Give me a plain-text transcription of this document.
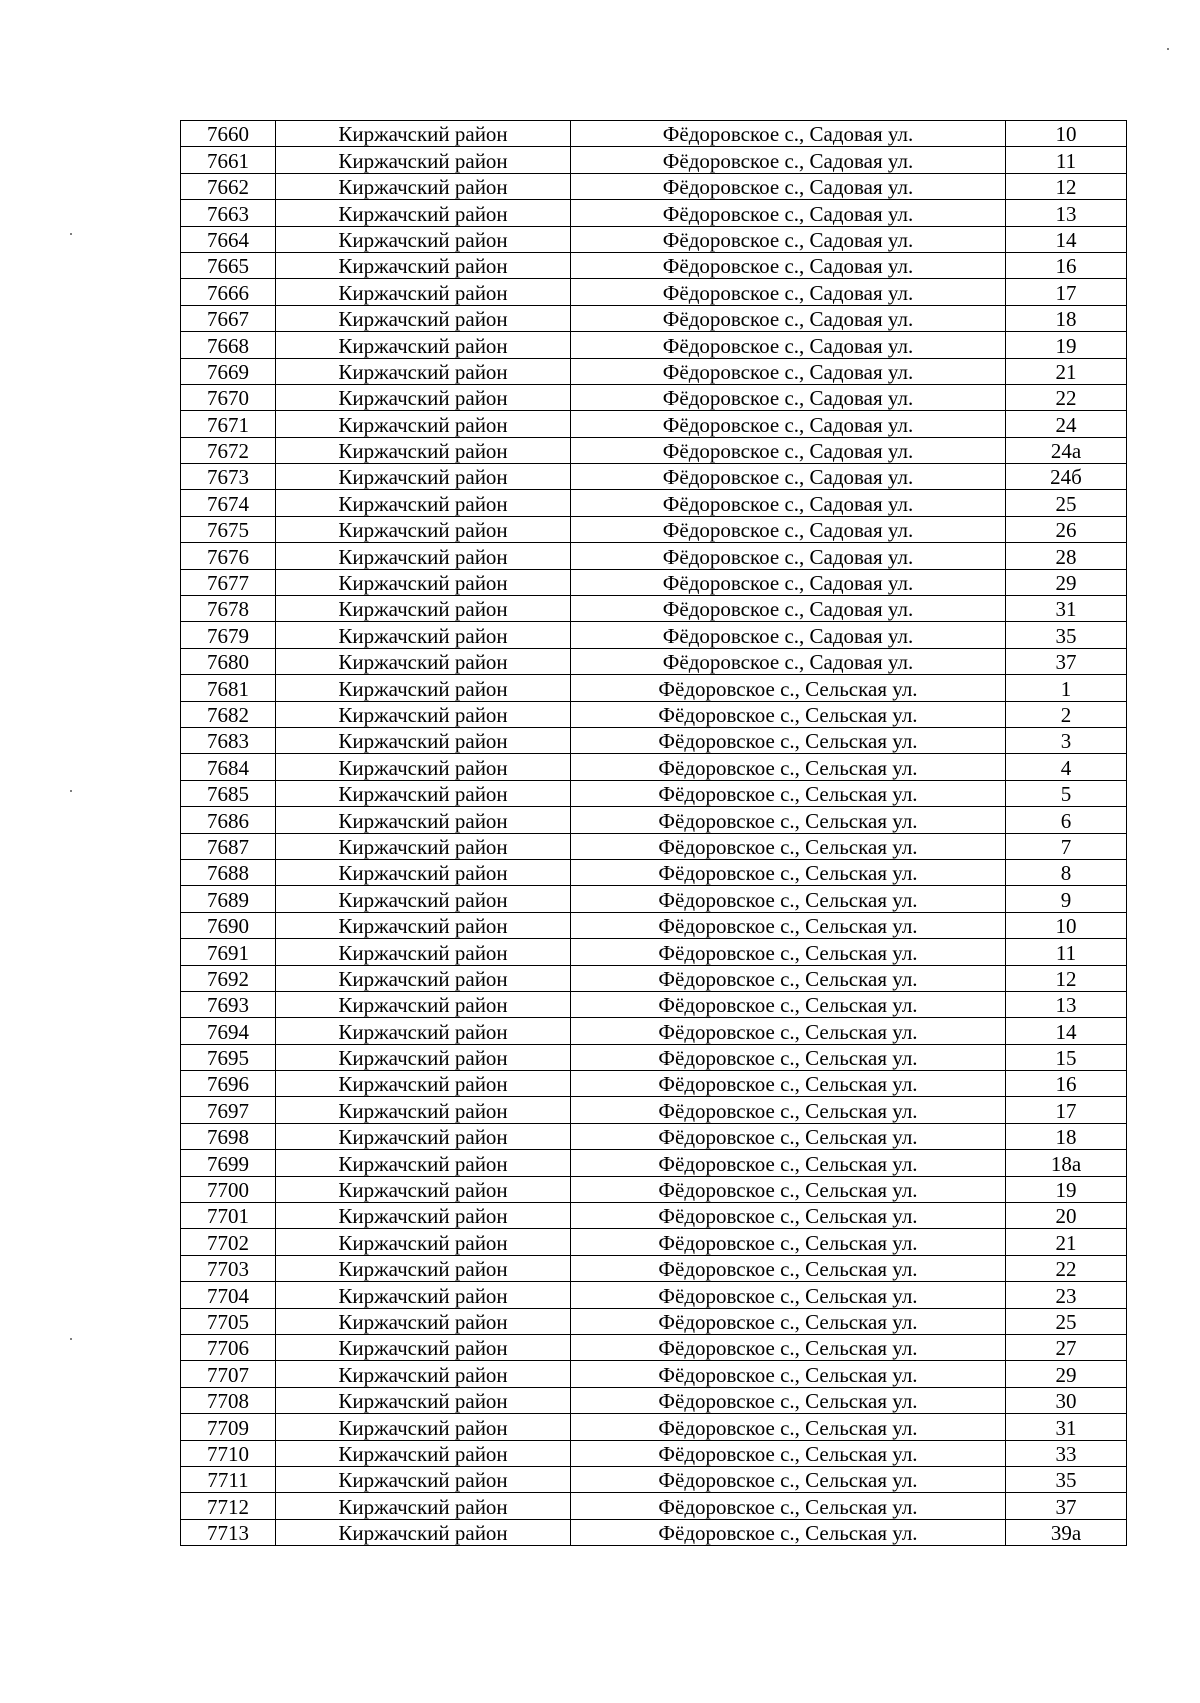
7660	Киржачский район	Фёдоровское с., Садовая ул.	10
7661	Киржачский район	Фёдоровское с., Садовая ул.	11
7662	Киржачский район	Фёдоровское с., Садовая ул.	12
7663	Киржачский район	Фёдоровское с., Садовая ул.	13
7664	Киржачский район	Фёдоровское с., Садовая ул.	14
7665	Киржачский район	Фёдоровское с., Садовая ул.	16
7666	Киржачский район	Фёдоровское с., Садовая ул.	17
7667	Киржачский район	Фёдоровское с., Садовая ул.	18
7668	Киржачский район	Фёдоровское с., Садовая ул.	19
7669	Киржачский район	Фёдоровское с., Садовая ул.	21
7670	Киржачский район	Фёдоровское с., Садовая ул.	22
7671	Киржачский район	Фёдоровское с., Садовая ул.	24
7672	Киржачский район	Фёдоровское с., Садовая ул.	24а
7673	Киржачский район	Фёдоровское с., Садовая ул.	24б
7674	Киржачский район	Фёдоровское с., Садовая ул.	25
7675	Киржачский район	Фёдоровское с., Садовая ул.	26
7676	Киржачский район	Фёдоровское с., Садовая ул.	28
7677	Киржачский район	Фёдоровское с., Садовая ул.	29
7678	Киржачский район	Фёдоровское с., Садовая ул.	31
7679	Киржачский район	Фёдоровское с., Садовая ул.	35
7680	Киржачский район	Фёдоровское с., Садовая ул.	37
7681	Киржачский район	Фёдоровское с., Сельская ул.	1
7682	Киржачский район	Фёдоровское с., Сельская ул.	2
7683	Киржачский район	Фёдоровское с., Сельская ул.	3
7684	Киржачский район	Фёдоровское с., Сельская ул.	4
7685	Киржачский район	Фёдоровское с., Сельская ул.	5
7686	Киржачский район	Фёдоровское с., Сельская ул.	6
7687	Киржачский район	Фёдоровское с., Сельская ул.	7
7688	Киржачский район	Фёдоровское с., Сельская ул.	8
7689	Киржачский район	Фёдоровское с., Сельская ул.	9
7690	Киржачский район	Фёдоровское с., Сельская ул.	10
7691	Киржачский район	Фёдоровское с., Сельская ул.	11
7692	Киржачский район	Фёдоровское с., Сельская ул.	12
7693	Киржачский район	Фёдоровское с., Сельская ул.	13
7694	Киржачский район	Фёдоровское с., Сельская ул.	14
7695	Киржачский район	Фёдоровское с., Сельская ул.	15
7696	Киржачский район	Фёдоровское с., Сельская ул.	16
7697	Киржачский район	Фёдоровское с., Сельская ул.	17
7698	Киржачский район	Фёдоровское с., Сельская ул.	18
7699	Киржачский район	Фёдоровское с., Сельская ул.	18а
7700	Киржачский район	Фёдоровское с., Сельская ул.	19
7701	Киржачский район	Фёдоровское с., Сельская ул.	20
7702	Киржачский район	Фёдоровское с., Сельская ул.	21
7703	Киржачский район	Фёдоровское с., Сельская ул.	22
7704	Киржачский район	Фёдоровское с., Сельская ул.	23
7705	Киржачский район	Фёдоровское с., Сельская ул.	25
7706	Киржачский район	Фёдоровское с., Сельская ул.	27
7707	Киржачский район	Фёдоровское с., Сельская ул.	29
7708	Киржачский район	Фёдоровское с., Сельская ул.	30
7709	Киржачский район	Фёдоровское с., Сельская ул.	31
7710	Киржачский район	Фёдоровское с., Сельская ул.	33
7711	Киржачский район	Фёдоровское с., Сельская ул.	35
7712	Киржачский район	Фёдоровское с., Сельская ул.	37
7713	Киржачский район	Фёдоровское с., Сельская ул.	39а
